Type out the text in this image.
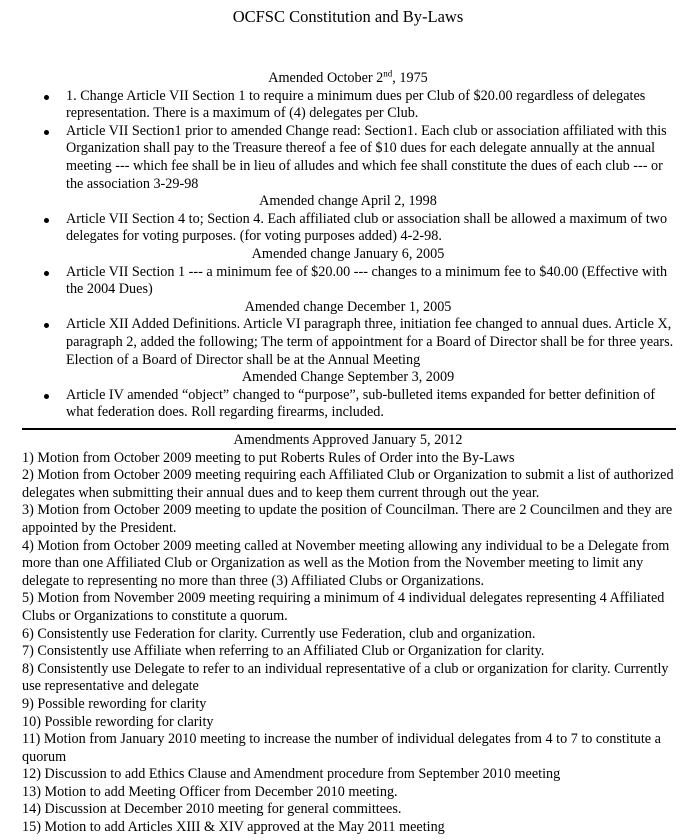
OCFSC Constitution and By-Laws

Amended October 2nd, 1975

1. Change Article VII Section 1 to require a minimum dues per Club of $20.00 regardless of delegates representation. There is a maximum of (4) delegates per Club.
Article VII Section1 prior to amended Change read: Section1. Each club or association affiliated with this Organization shall pay to the Treasure thereof a fee of $10 dues for each delegate annually at the annual meeting --- which fee shall be in lieu of alludes and which fee shall constitute the dues of each club --- or the association 3-29-98

Amended change April 2, 1998

Article VII Section 4 to; Section 4. Each affiliated club or association shall be allowed a maximum of two delegates for voting purposes. (for voting purposes added) 4-2-98.

Amended change January 6, 2005

Article VII Section 1 --- a minimum fee of $20.00 --- changes to a minimum fee to $40.00 (Effective with the 2004 Dues)

Amended change December 1, 2005

Article XII Added Definitions. Article VI paragraph three, initiation fee changed to annual dues. Article X, paragraph 2, added the following; The term of appointment for a Board of Director shall be for three years. Election of a Board of Director shall be at the Annual Meeting

Amended Change September 3, 2009

Article IV amended “object” changed to “purpose”, sub-bulleted items expanded for better definition of what federation does. Roll regarding firearms, included.

Amendments Approved January 5, 2012

1) Motion from October 2009 meeting to put Roberts Rules of Order into the By-Laws
2) Motion from October 2009 meeting requiring each Affiliated Club or Organization to submit a list of authorized delegates when submitting their annual dues and to keep them current through out the year.
3) Motion from October 2009 meeting to update the position of Councilman. There are 2 Councilmen and they are appointed by the President.
4) Motion from October 2009 meeting called at November meeting allowing any individual to be a Delegate from more than one Affiliated Club or Organization as well as the Motion from the November meeting to limit any delegate to representing no more than three (3) Affiliated Clubs or Organizations.
5) Motion from November 2009 meeting requiring a minimum of 4 individual delegates representing 4 Affiliated Clubs or Organizations to constitute a quorum.
6) Consistently use Federation for clarity. Currently use Federation, club and organization.
7) Consistently use Affiliate when referring to an Affiliated Club or Organization for clarity.
8) Consistently use Delegate to refer to an individual representative of a club or organization for clarity. Currently use representative and delegate
9) Possible rewording for clarity
10) Possible rewording for clarity
11) Motion from January 2010 meeting to increase the number of individual delegates from 4 to 7 to constitute a quorum
12) Discussion to add Ethics Clause and Amendment procedure from September 2010 meeting
13) Motion to add Meeting Officer from December 2010 meeting.
14) Discussion at December 2010 meeting for general committees.
15) Motion to add Articles XIII & XIV approved at the May 2011 meeting
